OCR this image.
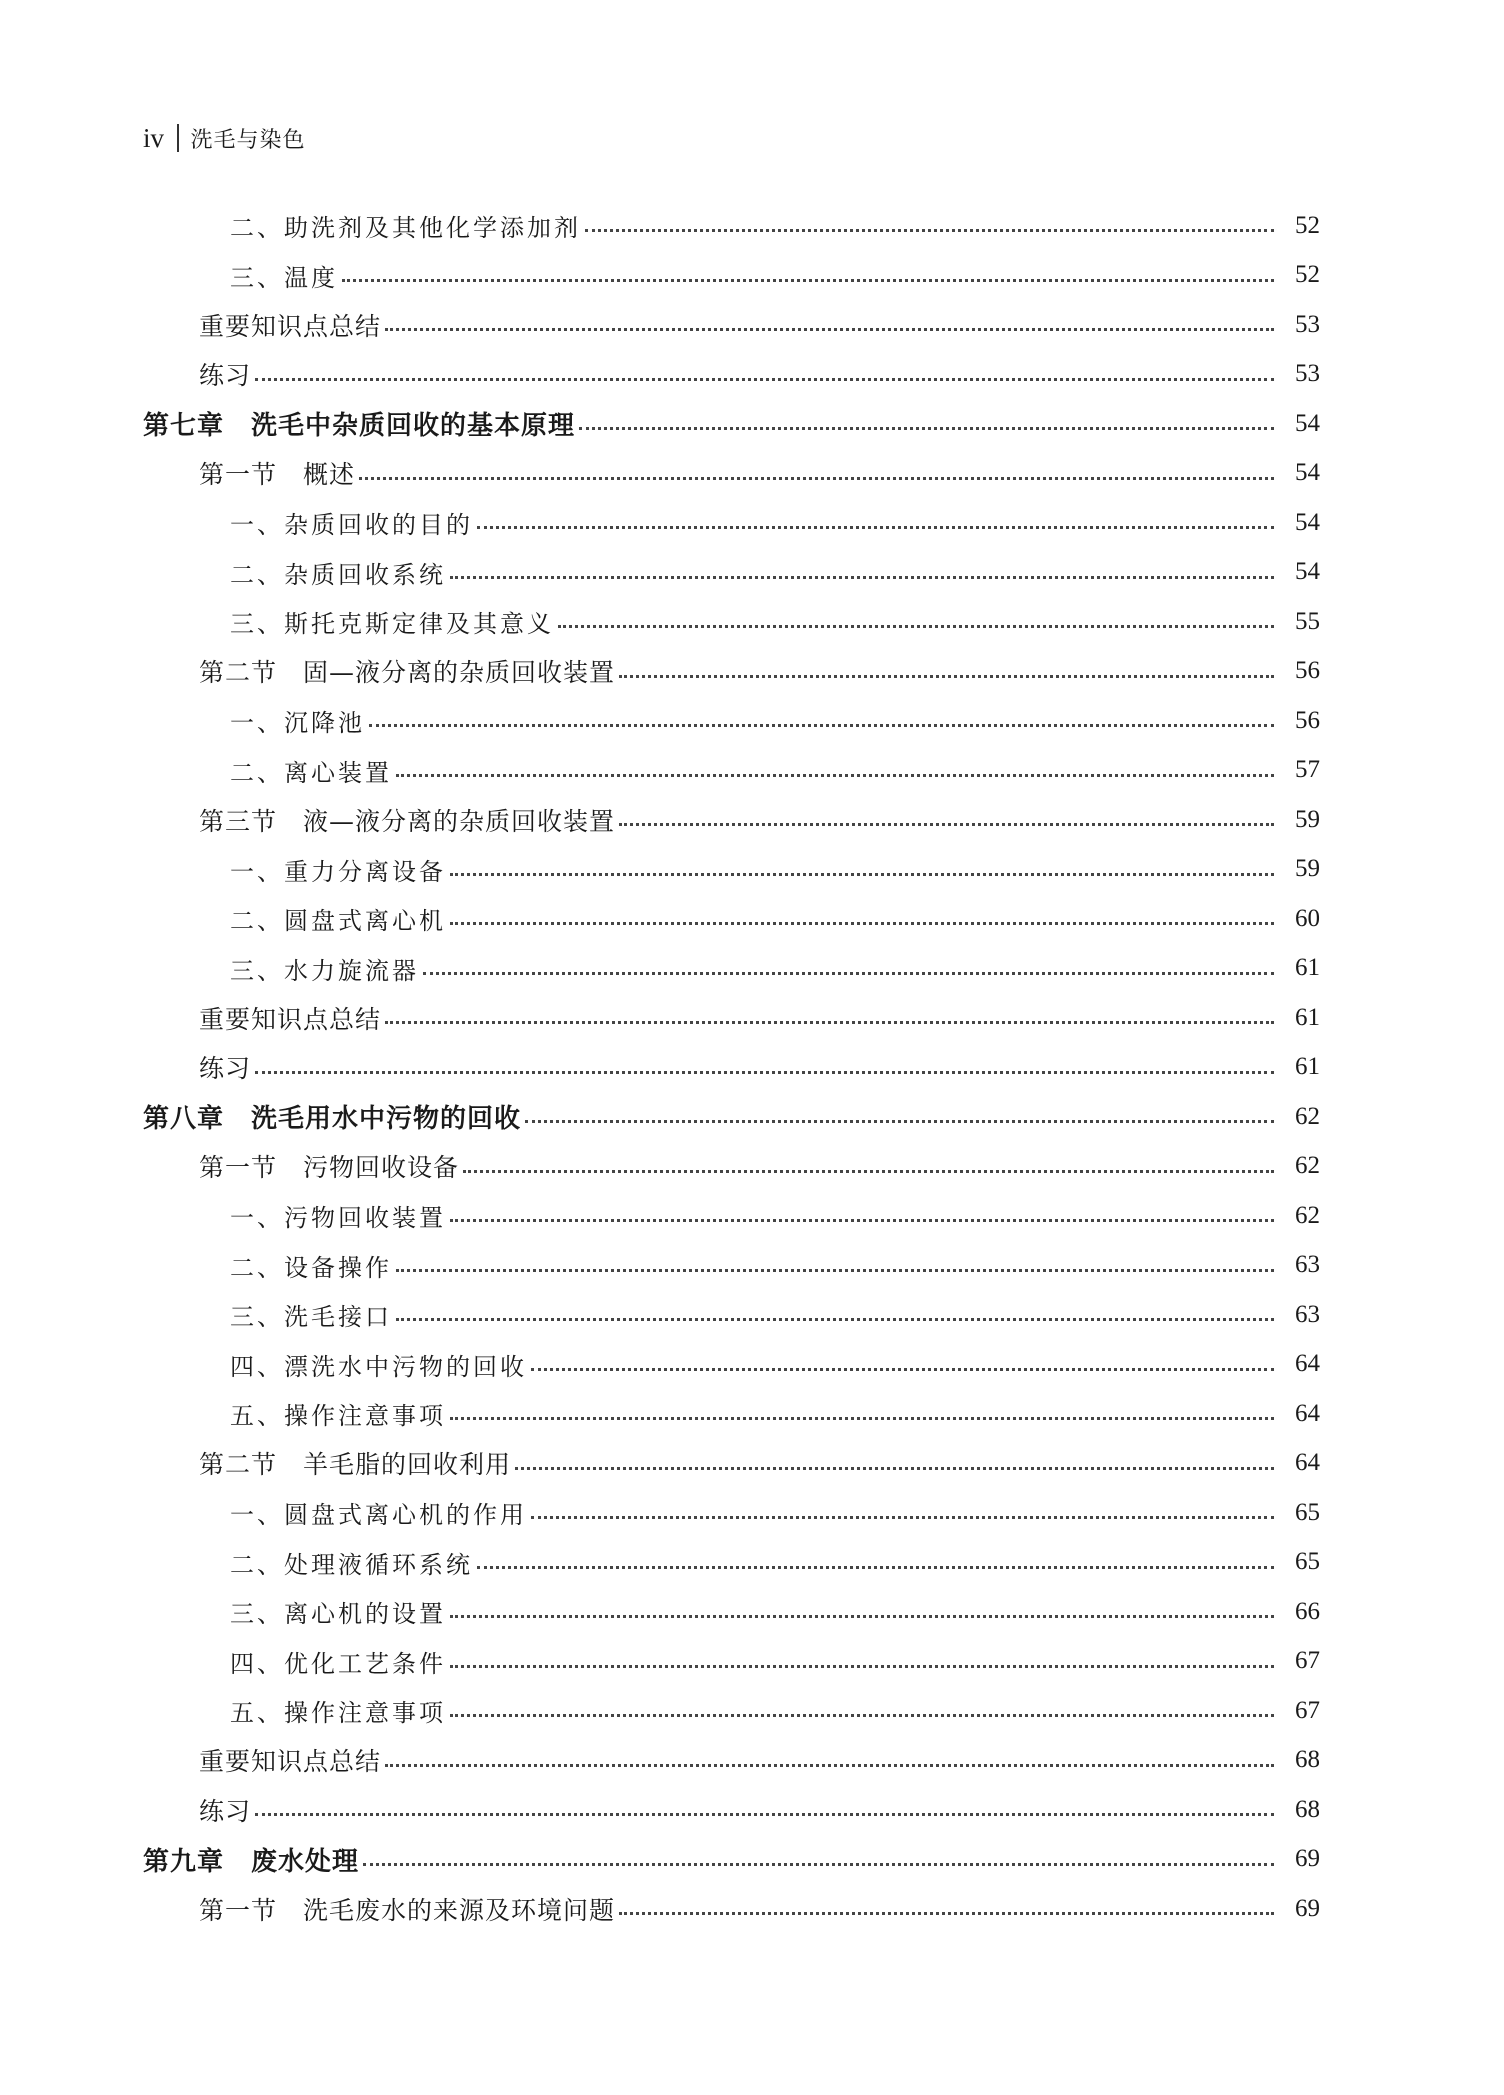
iv 洗毛与染色
二、助洗剂及其他化学添加剂	52
三、温度	52
重要知识点总结	53
练习	53
第七章　洗毛中杂质回收的基本原理	54
第一节　概述	54
一、杂质回收的目的	54
二、杂质回收系统	54
三、斯托克斯定律及其意义	55
第二节　固—液分离的杂质回收装置	56
一、沉降池	56
二、离心装置	57
第三节　液—液分离的杂质回收装置	59
一、重力分离设备	59
二、圆盘式离心机	60
三、水力旋流器	61
重要知识点总结	61
练习	61
第八章　洗毛用水中污物的回收	62
第一节　污物回收设备	62
一、污物回收装置	62
二、设备操作	63
三、洗毛接口	63
四、漂洗水中污物的回收	64
五、操作注意事项	64
第二节　羊毛脂的回收利用	64
一、圆盘式离心机的作用	65
二、处理液循环系统	65
三、离心机的设置	66
四、优化工艺条件	67
五、操作注意事项	67
重要知识点总结	68
练习	68
第九章　废水处理	69
第一节　洗毛废水的来源及环境问题	69
